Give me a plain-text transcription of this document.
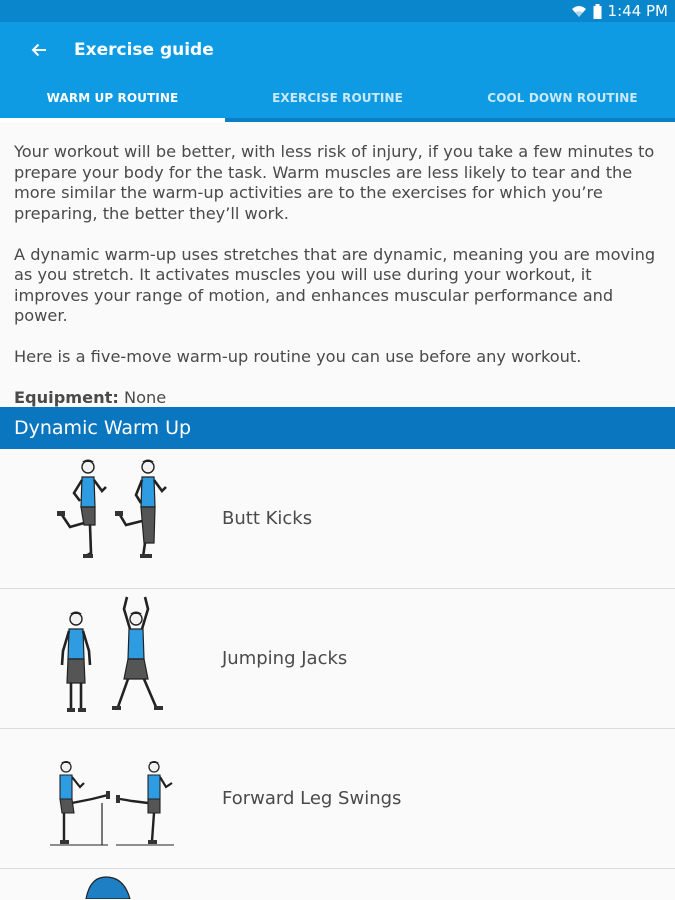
1:44 PM
Exercise guide
WARM UP ROUTINE	EXERCISE ROUTINE	COOL DOWN ROUTINE

Your workout will be better, with less risk of injury, if you take a few minutes to prepare your body for the task. Warm muscles are less likely to tear and the more similar the warm-up activities are to the exercises for which you’re preparing, the better they’ll work.

A dynamic warm-up uses stretches that are dynamic, meaning you are moving as you stretch. It activates muscles you will use during your workout, it improves your range of motion, and enhances muscular performance and power.

Here is a five-move warm-up routine you can use before any workout.

Equipment: None

Dynamic Warm Up
Butt Kicks
Jumping Jacks
Forward Leg Swings
